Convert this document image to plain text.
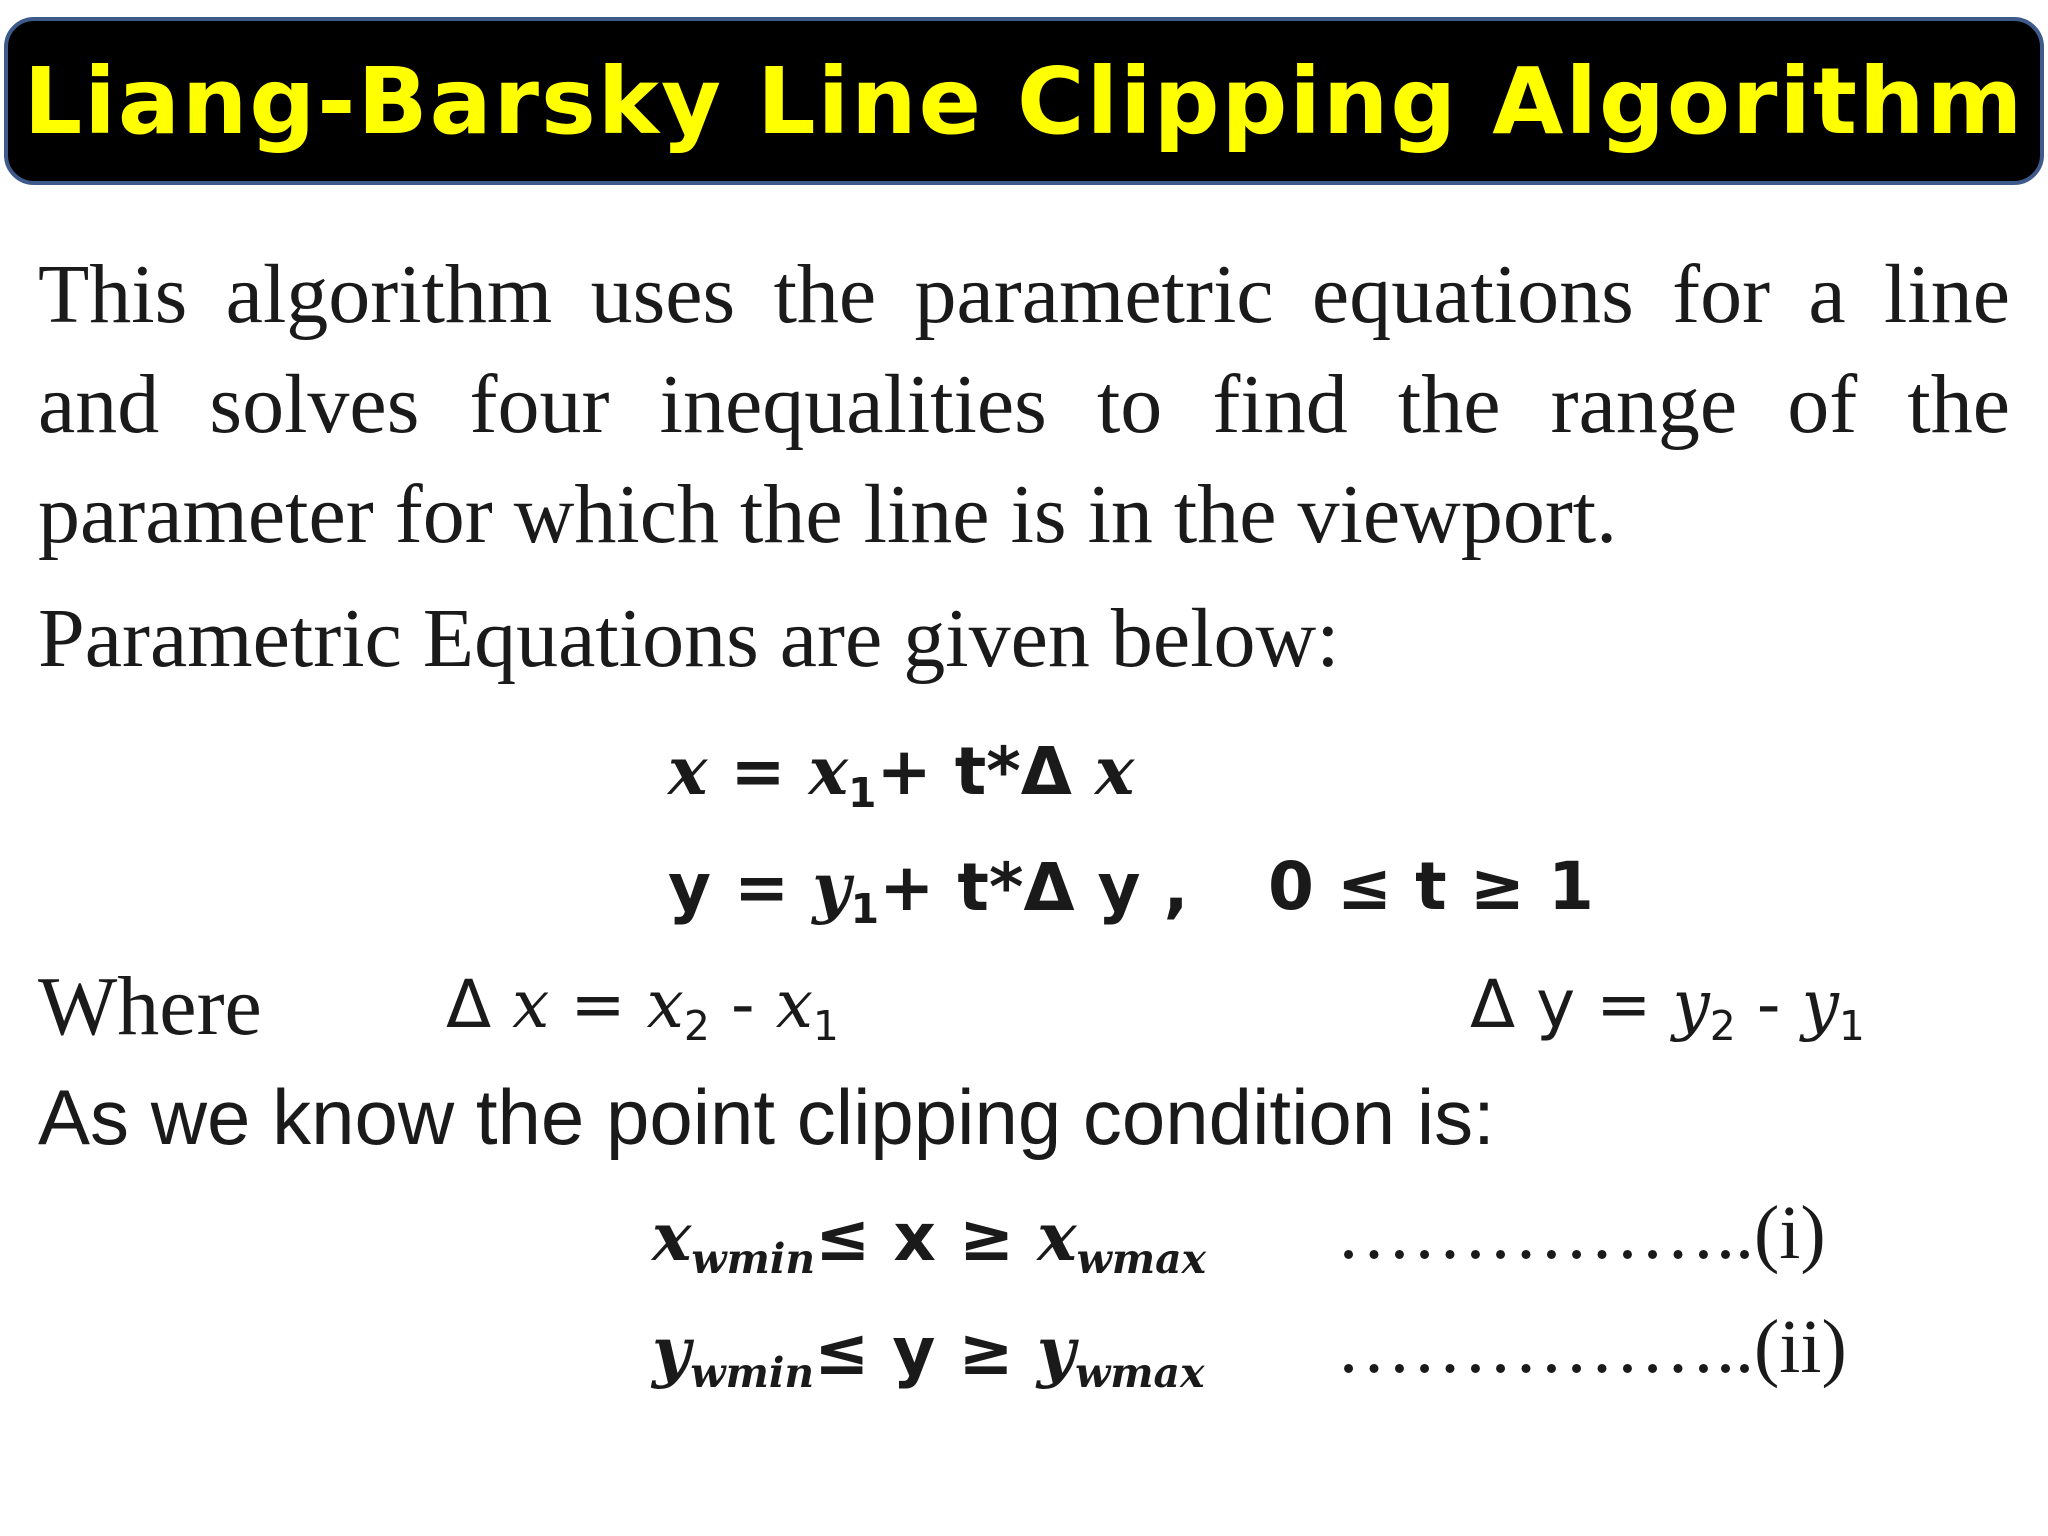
Liang-Barsky Line Clipping Algorithm
This algorithm uses the parametric equations for a line and solves four inequalities to find the range of the parameter for which the line is in the viewport.
Parametric Equations are given below:
$x = x_1+ t*\Delta$ x
$y = y_1+ t*\Delta$ y , 0 ≤ t ≥ 1
Where	Δ $x = x_2 - x_1$	Δ $y = y_2 - y_1$
As we know the point clipping condition is:
$x_{wmin}\le x \ge x_{wmax}$ ……………..(i)
$y_{wmin}\le y \ge y_{wmax}$ ……………..(ii)
